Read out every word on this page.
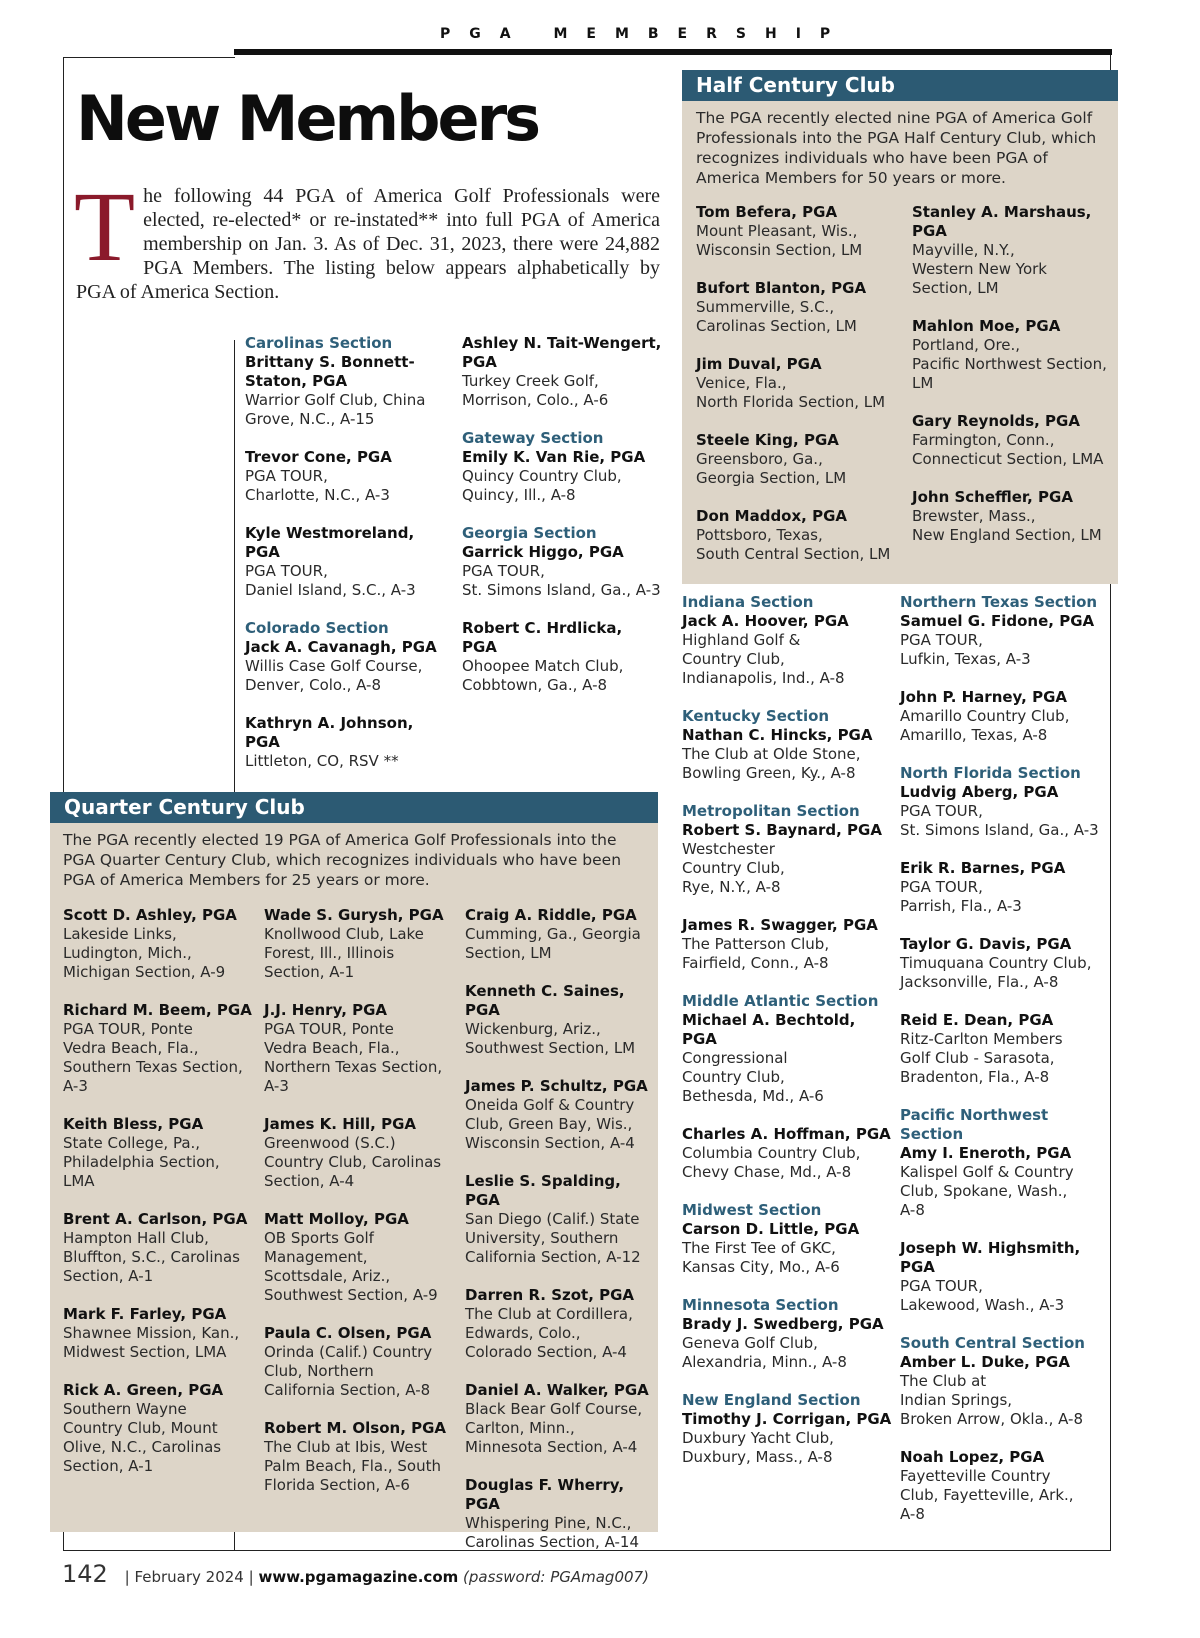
PGA MEMBERSHIP
New Members
The following 44 PGA of America Golf Professionals were elected, re-elected* or re-instated** into full PGA of America membership on Jan. 3. As of Dec. 31, 2023, there were 24,882 PGA Members. The listing below appears alphabetically by PGA of America Section.
Carolinas Section
Brittany S. Bonnett-Staton, PGA
Warrior Golf Club, China Grove, N.C., A-15
Trevor Cone, PGA
PGA TOUR,
Charlotte, N.C., A-3
Kyle Westmoreland, PGA
PGA TOUR,
Daniel Island, S.C., A-3
Colorado Section
Jack A. Cavanagh, PGA
Willis Case Golf Course,
Denver, Colo., A-8
Kathryn A. Johnson, PGA
Littleton, CO, RSV **
Ashley N. Tait-Wengert, PGA
Turkey Creek Golf,
Morrison, Colo., A-6
Gateway Section
Emily K. Van Rie, PGA
Quincy Country Club,
Quincy, Ill., A-8
Georgia Section
Garrick Higgo, PGA
PGA TOUR,
St. Simons Island, Ga., A-3
Robert C. Hrdlicka, PGA
Ohoopee Match Club,
Cobbtown, Ga., A-8
Indiana Section
Jack A. Hoover, PGA
Highland Golf &
Country Club,
Indianapolis, Ind., A-8
Kentucky Section
Nathan C. Hincks, PGA
The Club at Olde Stone,
Bowling Green, Ky., A-8
Metropolitan Section
Robert S. Baynard, PGA
Westchester
Country Club,
Rye, N.Y., A-8
James R. Swagger, PGA
The Patterson Club,
Fairfield, Conn., A-8
Middle Atlantic Section
Michael A. Bechtold, PGA
Congressional
Country Club,
Bethesda, Md., A-6
Charles A. Hoffman, PGA
Columbia Country Club,
Chevy Chase, Md., A-8
Midwest Section
Carson D. Little, PGA
The First Tee of GKC,
Kansas City, Mo., A-6
Minnesota Section
Brady J. Swedberg, PGA
Geneva Golf Club,
Alexandria, Minn., A-8
New England Section
Timothy J. Corrigan, PGA
Duxbury Yacht Club,
Duxbury, Mass., A-8
Northern Texas Section
Samuel G. Fidone, PGA
PGA TOUR,
Lufkin, Texas, A-3
John P. Harney, PGA
Amarillo Country Club,
Amarillo, Texas, A-8
North Florida Section
Ludvig Aberg, PGA
PGA TOUR,
St. Simons Island, Ga., A-3
Erik R. Barnes, PGA
PGA TOUR,
Parrish, Fla., A-3
Taylor G. Davis, PGA
Timuquana Country Club,
Jacksonville, Fla., A-8
Reid E. Dean, PGA
Ritz-Carlton Members
Golf Club - Sarasota,
Bradenton, Fla., A-8
Pacific Northwest Section
Amy I. Eneroth, PGA
Kalispel Golf & Country
Club, Spokane, Wash.,
A-8
Joseph W. Highsmith, PGA
PGA TOUR,
Lakewood, Wash., A-3
South Central Section
Amber L. Duke, PGA
The Club at
Indian Springs,
Broken Arrow, Okla., A-8
Noah Lopez, PGA
Fayetteville Country
Club, Fayetteville, Ark.,
A-8
Half Century Club
The PGA recently elected nine PGA of America Golf Professionals into the PGA Half Century Club, which recognizes individuals who have been PGA of America Members for 50 years or more.
Tom Befera, PGA
Mount Pleasant, Wis.,
Wisconsin Section, LM
Bufort Blanton, PGA
Summerville, S.C.,
Carolinas Section, LM
Jim Duval, PGA
Venice, Fla.,
North Florida Section, LM
Steele King, PGA
Greensboro, Ga.,
Georgia Section, LM
Don Maddox, PGA
Pottsboro, Texas,
South Central Section, LM
Stanley A. Marshaus, PGA
Mayville, N.Y.,
Western New York
Section, LM
Mahlon Moe, PGA
Portland, Ore.,
Pacific Northwest Section,
LM
Gary Reynolds, PGA
Farmington, Conn.,
Connecticut Section, LMA
John Scheffler, PGA
Brewster, Mass.,
New England Section, LM
Quarter Century Club
The PGA recently elected 19 PGA of America Golf Professionals into the PGA Quarter Century Club, which recognizes individuals who have been PGA of America Members for 25 years or more.
Scott D. Ashley, PGA
Lakeside Links,
Ludington, Mich.,
Michigan Section, A-9
Richard M. Beem, PGA
PGA TOUR, Ponte
Vedra Beach, Fla.,
Southern Texas Section,
A-3
Keith Bless, PGA
State College, Pa.,
Philadelphia Section,
LMA
Brent A. Carlson, PGA
Hampton Hall Club,
Bluffton, S.C., Carolinas
Section, A-1
Mark F. Farley, PGA
Shawnee Mission, Kan.,
Midwest Section, LMA
Rick A. Green, PGA
Southern Wayne
Country Club, Mount
Olive, N.C., Carolinas
Section, A-1
Wade S. Gurysh, PGA
Knollwood Club, Lake
Forest, Ill., Illinois
Section, A-1
J.J. Henry, PGA
PGA TOUR, Ponte
Vedra Beach, Fla.,
Northern Texas Section,
A-3
James K. Hill, PGA
Greenwood (S.C.)
Country Club, Carolinas
Section, A-4
Matt Molloy, PGA
OB Sports Golf
Management,
Scottsdale, Ariz.,
Southwest Section, A-9
Paula C. Olsen, PGA
Orinda (Calif.) Country
Club, Northern
California Section, A-8
Robert M. Olson, PGA
The Club at Ibis, West
Palm Beach, Fla., South
Florida Section, A-6
Craig A. Riddle, PGA
Cumming, Ga., Georgia
Section, LM
Kenneth C. Saines, PGA
Wickenburg, Ariz.,
Southwest Section, LM
James P. Schultz, PGA
Oneida Golf & Country
Club, Green Bay, Wis.,
Wisconsin Section, A-4
Leslie S. Spalding, PGA
San Diego (Calif.) State
University, Southern
California Section, A-12
Darren R. Szot, PGA
The Club at Cordillera,
Edwards, Colo.,
Colorado Section, A-4
Daniel A. Walker, PGA
Black Bear Golf Course,
Carlton, Minn.,
Minnesota Section, A-4
Douglas F. Wherry, PGA
Whispering Pine, N.C.,
Carolinas Section, A-14
142 | February 2024 | www.pgamagazine.com (password: PGAmag007)
